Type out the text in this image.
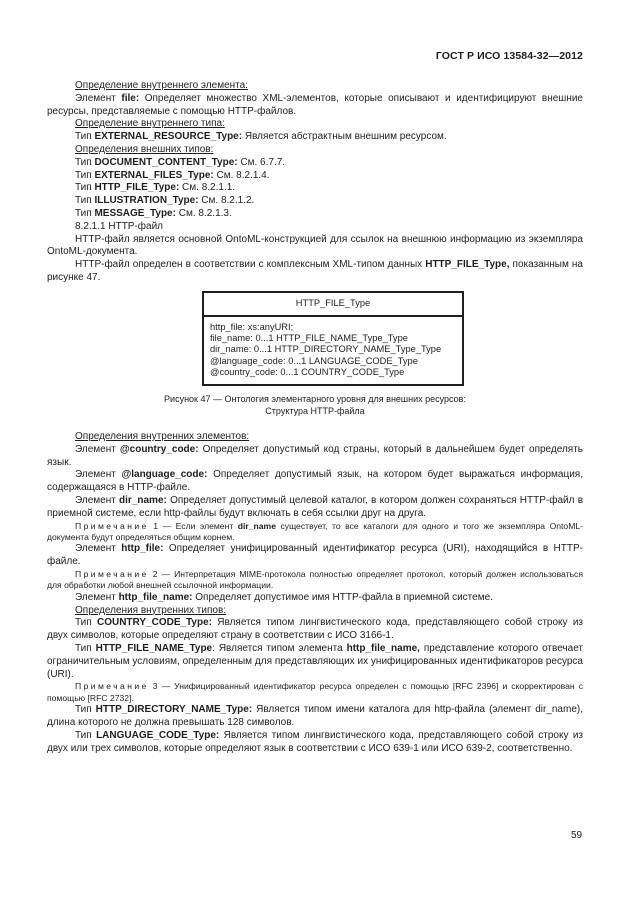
ГОСТ Р ИСО 13584-32—2012

Определение внутреннего элемента:

Элемент file: Определяет множество XML-элементов, которые описывают и идентифицируют внешние ресурсы, представляемые с помощью HTTP-файлов.

Определение внутреннего типа:

Тип EXTERNAL_RESOURCE_Type: Является абстрактным внешним ресурсом.

Определения внешних типов:

Тип DOCUMENT_CONTENT_Type: См. 6.7.7.

Тип EXTERNAL_FILES_Type: См. 8.2.1.4.

Тип HTTP_FILE_Type: См. 8.2.1.1.

Тип ILLUSTRATION_Type: См. 8.2.1.2.

Тип MESSAGE_Type: См. 8.2.1.3.

8.2.1.1 HTTP-файл

HTTP-файл является основной OntoML-конструкцией для ссылок на внешнюю информацию из экземпляра OntoML-документа.

HTTP-файл определен в соответствии с комплексным XML-типом данных HTTP_FILE_Type, показанным на рисунке 47.

HTTP_FILE_Type
http_file: xs:anyURI;
file_name: 0...1 HTTP_FILE_NAME_Type_Type
dir_name: 0...1 HTTP_DIRECTORY_NAME_Type_Type
@language_code: 0...1 LANGUAGE_CODE_Type
@country_code: 0...1 COUNTRY_CODE_Type
Рисунок 47 — Онтология элементарного уровня для внешних ресурсов:
Структура HTTP-файла

Определения внутренних элементов:

Элемент @country_code: Определяет допустимый код страны, который в дальнейшем будет определять язык.

Элемент @language_code: Определяет допустимый язык, на котором будет выражаться информация, содержащаяся в HTTP-файле.

Элемент dir_name: Определяет допустимый целевой каталог, в котором должен сохраняться HTTP-файл в приемной системе, если http-файлы будут включать в себя ссылки друг на друга.

Примечание 1 — Если элемент dir_name существует, то все каталоги для одного и того же экземпляра OntoML-документа будут определяться общим корнем.

Элемент http_file: Определяет унифицированный идентификатор ресурса (URI), находящийся в HTTP-файле.

Примечание 2 — Интерпретация MIME-протокола полностью определяет протокол, который должен использоваться для обработки любой внешней ссылочной информации.

Элемент http_file_name: Определяет допустимое имя HTTP-файла в приемной системе.

Определения внутренних типов:

Тип COUNTRY_CODE_Type: Является типом лингвистического кода, представляющего собой строку из двух символов, которые определяют страну в соответствии с ИСО 3166-1.

Тип HTTP_FILE_NAME_Type: Является типом элемента http_file_name, представление которого отвечает ограничительным условиям, определенным для представляющих их унифицированных идентификаторов ресурса (URI).

Примечание 3 — Унифицированный идентификатор ресурса определен с помощью [RFC 2396] и скорректирован с помощью [RFC 2732].

Тип HTTP_DIRECTORY_NAME_Type: Является типом имени каталога для http-файла (элемент dir_name), длина которого не должна превышать 128 символов.

Тип LANGUAGE_CODE_Type: Является типом лингвистического кода, представляющего собой строку из двух или трех символов, которые определяют язык в соответствии с ИСО 639-1 или ИСО 639-2, соответственно.

59
